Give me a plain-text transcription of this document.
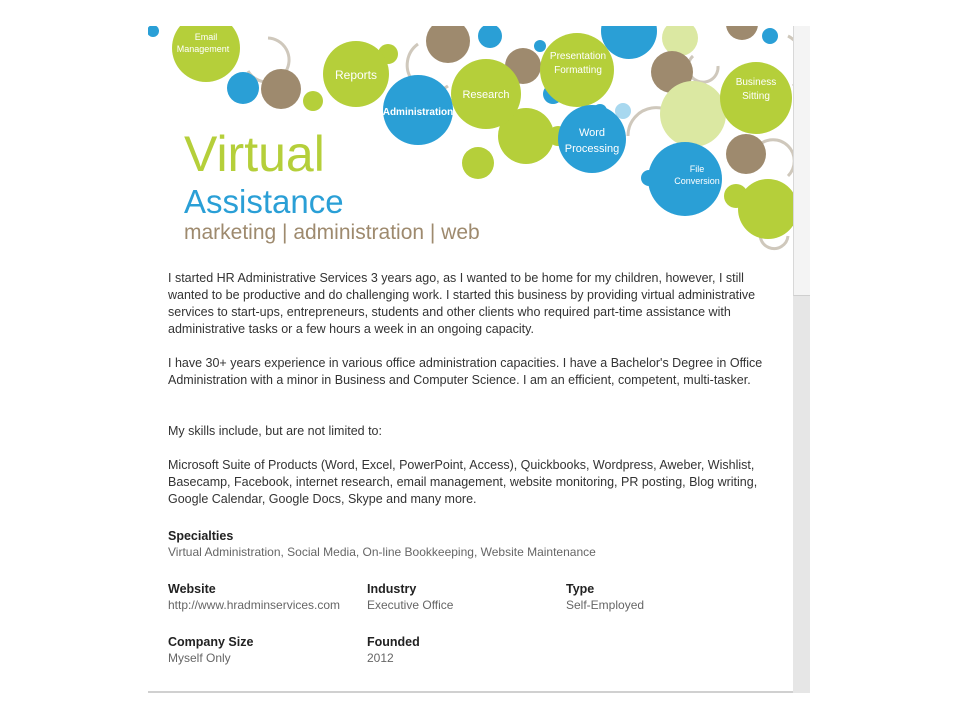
Email
Management
Reports
Administration
Research
Presentation
Formatting
Word
Processing
Business
Sitting
File
Conversion
Virtual
Assistance
marketing | administration | web
I started HR Administrative Services 3 years ago, as I wanted to be home for my children, however, I still wanted to be productive and do challenging work. I started this business by providing virtual administrative services to start-ups, entrepreneurs, students and other clients who required part-time assistance with administrative tasks or a few hours a week in an ongoing capacity.
I have 30+ years experience in various office administration capacities. I have a Bachelor's Degree in Office Administration with a minor in Business and Computer Science. I am an efficient, competent, multi-tasker.
My skills include, but are not limited to:
Microsoft Suite of Products (Word, Excel, PowerPoint, Access), Quickbooks, Wordpress, Aweber, Wishlist, Basecamp, Facebook, internet research, email management, website monitoring, PR posting, Blog writing, Google Calendar, Google Docs, Skype and many more.
Specialties
Virtual Administration, Social Media, On-line Bookkeeping, Website Maintenance
Website
http://www.hradminservices.com
Industry
Executive Office
Type
Self-Employed
Company Size
Myself Only
Founded
2012
